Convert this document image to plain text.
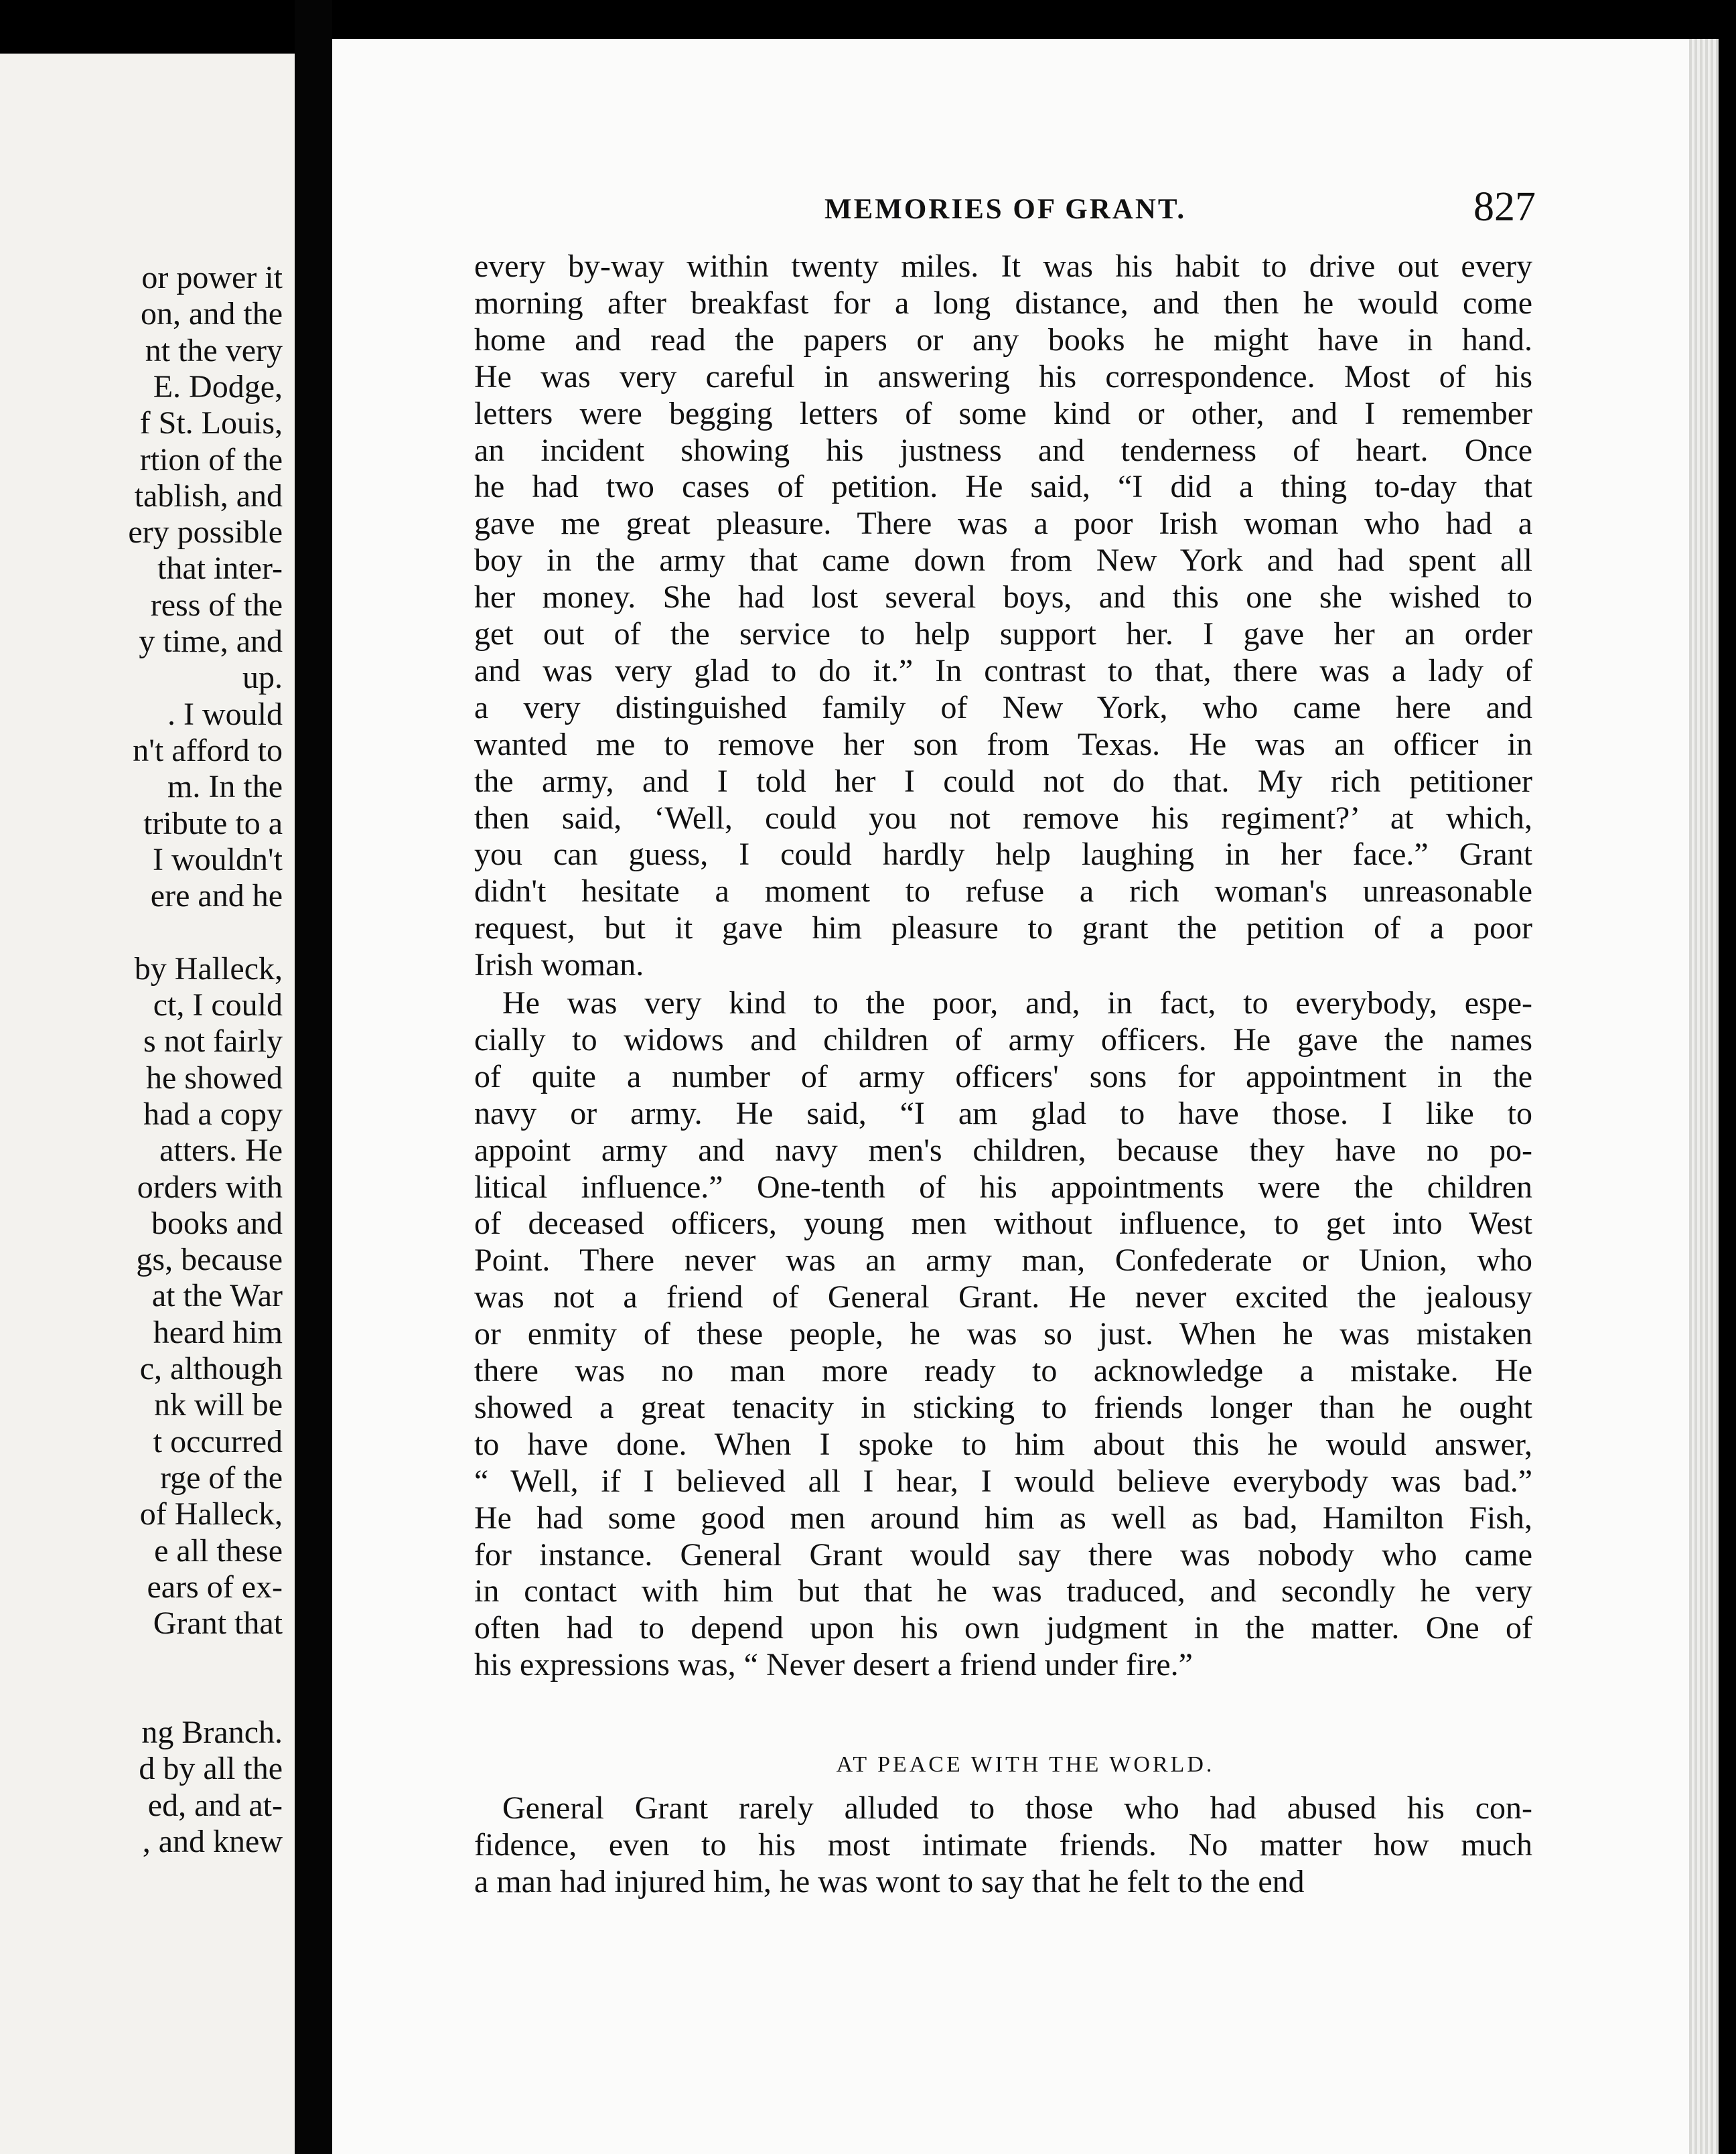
or power it
on, and the
nt the very
E. Dodge,
f St. Louis,
rtion of the
tablish, and
ery possible
that inter-
ress of the
y time, and
up.
. I would
n't afford to
m. In the
tribute to a
I wouldn't
ere and he
by Halleck,
ct, I could
s not fairly
he showed
had a copy
atters. He
orders with
books and
gs, because
at the War
heard him
c, although
nk will be
t occurred
rge of the
of Halleck,
e all these
ears of ex-
Grant that
ng Branch.
d by all the
ed, and at-
, and knew
MEMORIES OF GRANT.	827
AT PEACE WITH THE WORLD.
every by-way within twenty miles. It was his habit to drive out every
morning after breakfast for a long distance, and then he would come
home and read the papers or any books he might have in hand.
He was very careful in answering his correspondence. Most of his
letters were begging letters of some kind or other, and I remember
an incident showing his justness and tenderness of heart. Once
he had two cases of petition. He said, “I did a thing to-day that
gave me great pleasure. There was a poor Irish woman who had a
boy in the army that came down from New York and had spent all
her money. She had lost several boys, and this one she wished to
get out of the service to help support her. I gave her an order
and was very glad to do it.” In contrast to that, there was a lady of
a very distinguished family of New York, who came here and
wanted me to remove her son from Texas. He was an officer in
the army, and I told her I could not do that. My rich petitioner
then said, ‘Well, could you not remove his regiment?’ at which,
you can guess, I could hardly help laughing in her face.” Grant
didn't hesitate a moment to refuse a rich woman's unreasonable
request, but it gave him pleasure to grant the petition of a poor
Irish woman.
He was very kind to the poor, and, in fact, to everybody, espe-
cially to widows and children of army officers. He gave the names
of quite a number of army officers' sons for appointment in the
navy or army. He said, “I am glad to have those. I like to
appoint army and navy men's children, because they have no po-
litical influence.” One-tenth of his appointments were the children
of deceased officers, young men without influence, to get into West
Point. There never was an army man, Confederate or Union, who
was not a friend of General Grant. He never excited the jealousy
or enmity of these people, he was so just. When he was mistaken
there was no man more ready to acknowledge a mistake. He
showed a great tenacity in sticking to friends longer than he ought
to have done. When I spoke to him about this he would answer,
“ Well, if I believed all I hear, I would believe everybody was bad.”
He had some good men around him as well as bad, Hamilton Fish,
for instance. General Grant would say there was nobody who came
in contact with him but that he was traduced, and secondly he very
often had to depend upon his own judgment in the matter. One of
his expressions was, “ Never desert a friend under fire.”
General Grant rarely alluded to those who had abused his con-
fidence, even to his most intimate friends. No matter how much
a man had injured him, he was wont to say that he felt to the end
